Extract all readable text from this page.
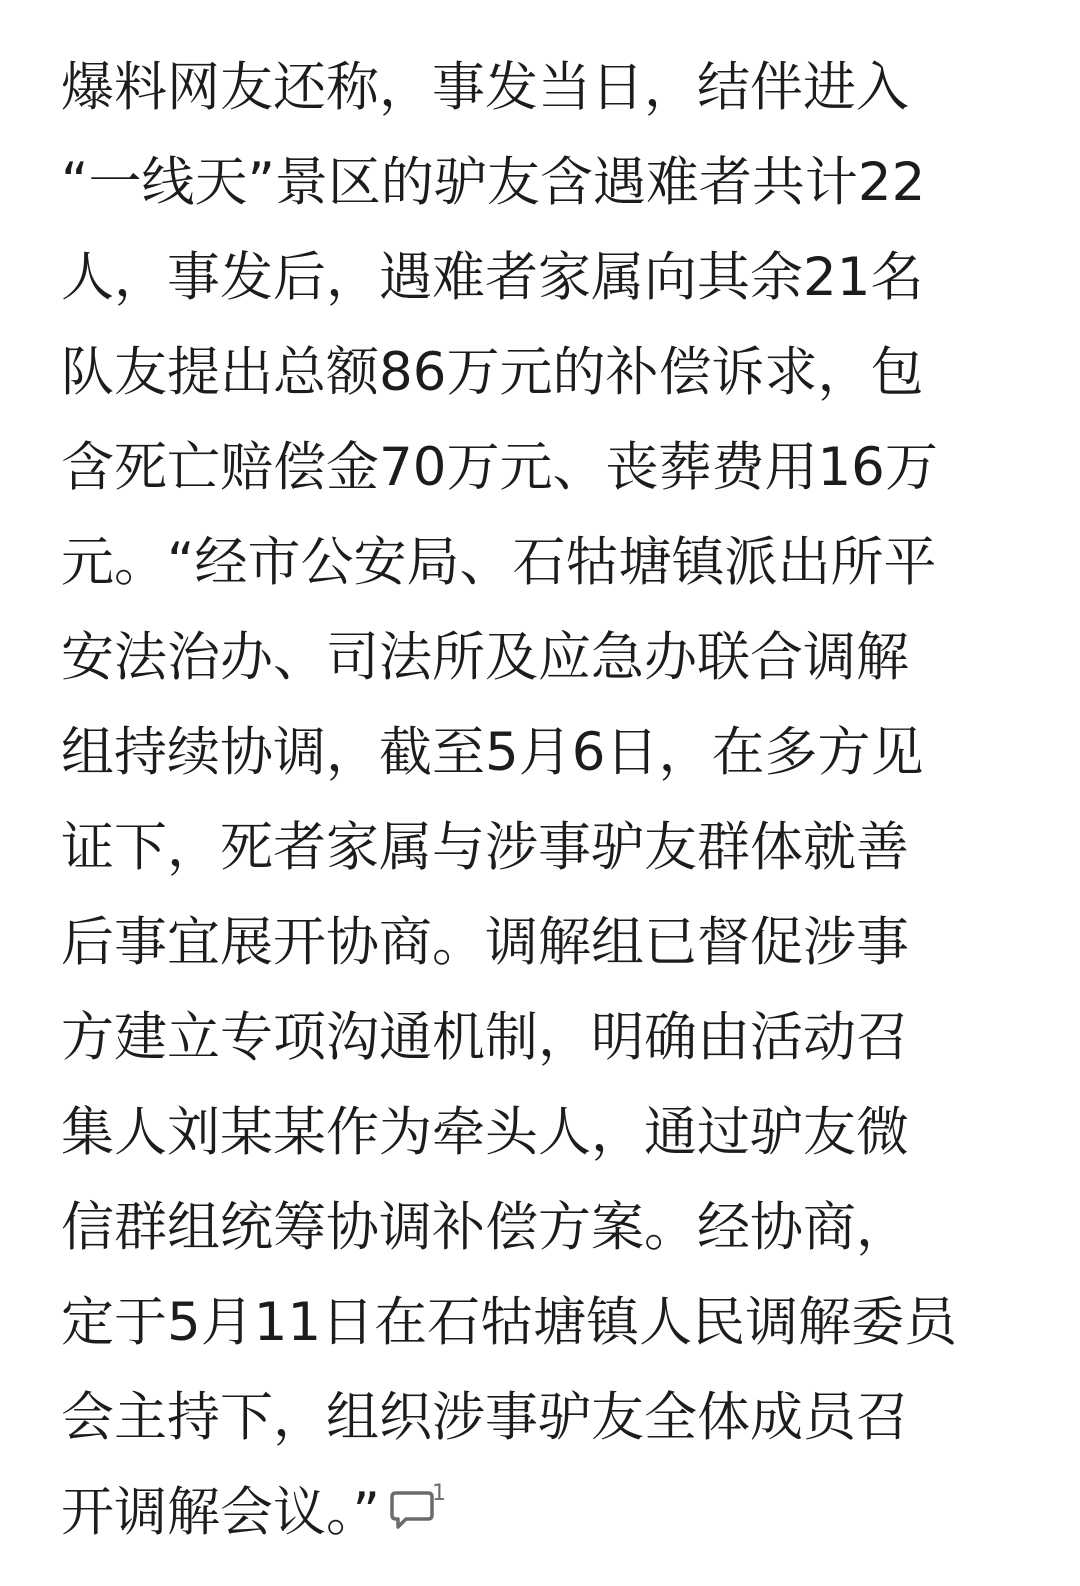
爆料网友还称，事发当日，结伴进入
“一线天”景区的驴友含遇难者共计22
人，事发后，遇难者家属向其余21名
队友提出总额86万元的补偿诉求，包
含死亡赔偿金70万元、丧葬费用16万
元。“经市公安局、石牯塘镇派出所平
安法治办、司法所及应急办联合调解
组持续协调，截至5月6日，在多方见
证下，死者家属与涉事驴友群体就善
后事宜展开协商。调解组已督促涉事
方建立专项沟通机制，明确由活动召
集人刘某某作为牵头人，通过驴友微
信群组统筹协调补偿方案。经协商，
定于5月11日在石牯塘镇人民调解委员
会主持下，组织涉事驴友全体成员召
开调解会议。” 1
